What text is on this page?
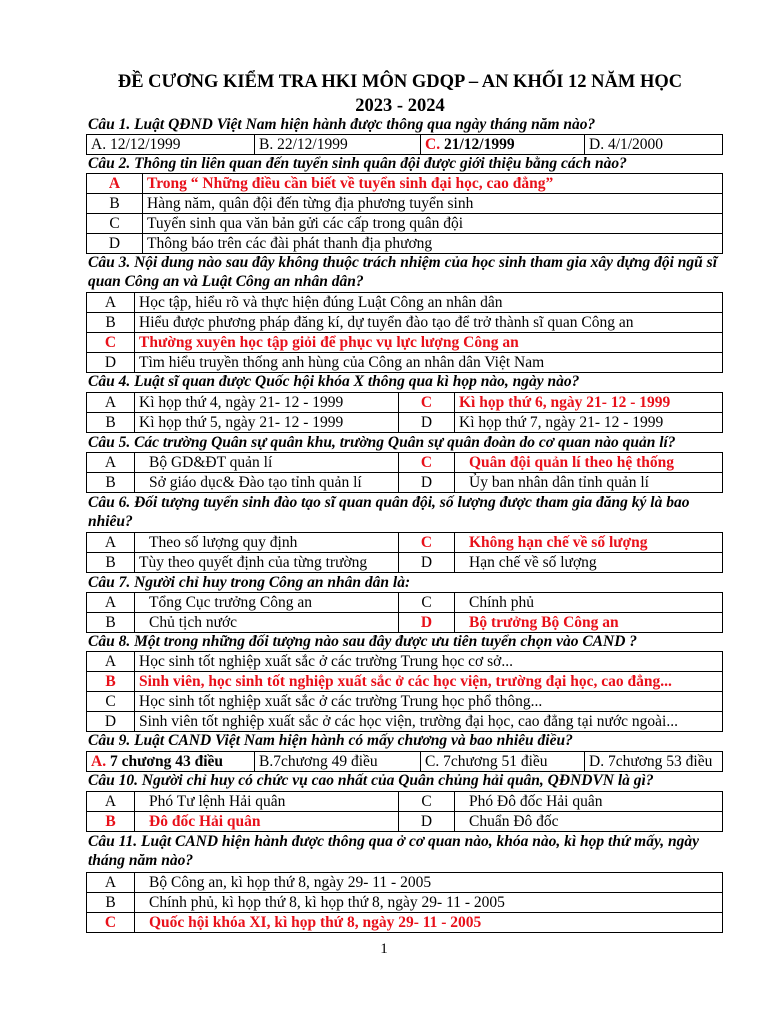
ĐỀ CƯƠNG KIỂM TRA HKI MÔN GDQP – AN KHỐI 12 NĂM HỌC
2023 - 2024
Câu 1. Luật QĐND Việt Nam hiện hành được thông qua ngày tháng năm nào?
A. 12/12/1999	B. 22/12/1999	C. 21/12/1999	D. 4/1/2000
Câu 2. Thông tin liên quan đến tuyển sinh quân đội được giới thiệu bằng cách nào?
A	Trong “ Những điều cần biết về tuyển sinh đại học, cao đẳng”
B	Hàng năm, quân đội đến từng địa phương tuyển sinh
C	Tuyển sinh qua văn bản gửi các cấp trong quân đội
D	Thông báo trên các đài phát thanh địa phương
Câu 3. Nội dung nào sau đây không thuộc trách nhiệm của học sinh tham gia xây dựng đội ngũ sĩ quan Công an và Luật Công an nhân dân?
A	Học tập, hiểu rõ và thực hiện đúng Luật Công an nhân dân
B	Hiểu được phương pháp đăng kí, dự tuyển đào tạo để trở thành sĩ quan Công an
C	Thường xuyên học tập giỏi để phục vụ lực lượng Công an
D	Tìm hiểu truyền thống anh hùng của Công an nhân dân Việt Nam
Câu 4. Luật sĩ quan được Quốc hội khóa X thông qua kì họp nào, ngày nào?
A	Kì họp thứ 4, ngày 21- 12 - 1999	C	Kì họp thứ 6, ngày 21- 12 - 1999
B	Kì họp thứ 5, ngày 21- 12 - 1999	D	Kì họp thứ 7, ngày 21- 12 - 1999
Câu 5. Các trường Quân sự quân khu, trường Quân sự quân đoàn do cơ quan nào quản lí?
A	Bộ GD&ĐT quản lí	C	Quân đội quản lí theo hệ thống
B	Sở giáo dục& Đào tạo tỉnh quản lí	D	Ủy ban nhân dân tỉnh quản lí
Câu 6. Đối tượng tuyển sinh đào tạo sĩ quan quân đội, số lượng được tham gia đăng ký là bao nhiêu?
A	Theo số lượng quy định	C	Không hạn chế về số lượng
B	Tùy theo quyết định của từng trường	D	Hạn chế về số lượng
Câu 7. Người chỉ huy trong Công an nhân dân là:
A	Tổng Cục trưởng Công an	C	Chính phủ
B	Chủ tịch nước	D	Bộ trưởng Bộ Công an
Câu 8. Một trong những đối tượng nào sau đây được ưu tiên tuyển chọn vào CAND ?
A	Học sinh tốt nghiệp xuất sắc ở các trường Trung học cơ sở...
B	Sinh viên, học sinh tốt nghiệp xuất sắc ở các học viện, trường đại học, cao đẳng...
C	Học sinh tốt nghiệp xuất sắc ở các trường Trung học phổ thông...
D	Sinh viên tốt nghiệp xuất sắc ở các học viện, trường đại học, cao đẳng tại nước ngoài...
Câu 9. Luật CAND Việt Nam hiện hành có mấy chương và bao nhiêu điều?
A. 7 chương 43 điều	B.7chương 49 điều	C. 7chương 51 điều	D. 7chương 53 điều
Câu 10. Người chỉ huy có chức vụ cao nhất của Quân chủng hải quân, QĐNDVN là gì?
A	Phó Tư lệnh Hải quân	C	Phó Đô đốc Hải quân
B	Đô đốc Hải quân	D	Chuẩn Đô đốc
Câu 11. Luật CAND hiện hành được thông qua ở cơ quan nào, khóa nào, kì họp thứ mấy, ngày tháng năm nào?
A	Bộ Công an, kì họp thứ 8, ngày 29- 11 - 2005
B	Chính phủ, kì họp thứ 8, kì họp thứ 8, ngày 29- 11 - 2005
C	Quốc hội khóa XI, kì họp thứ 8, ngày 29- 11 - 2005
1
